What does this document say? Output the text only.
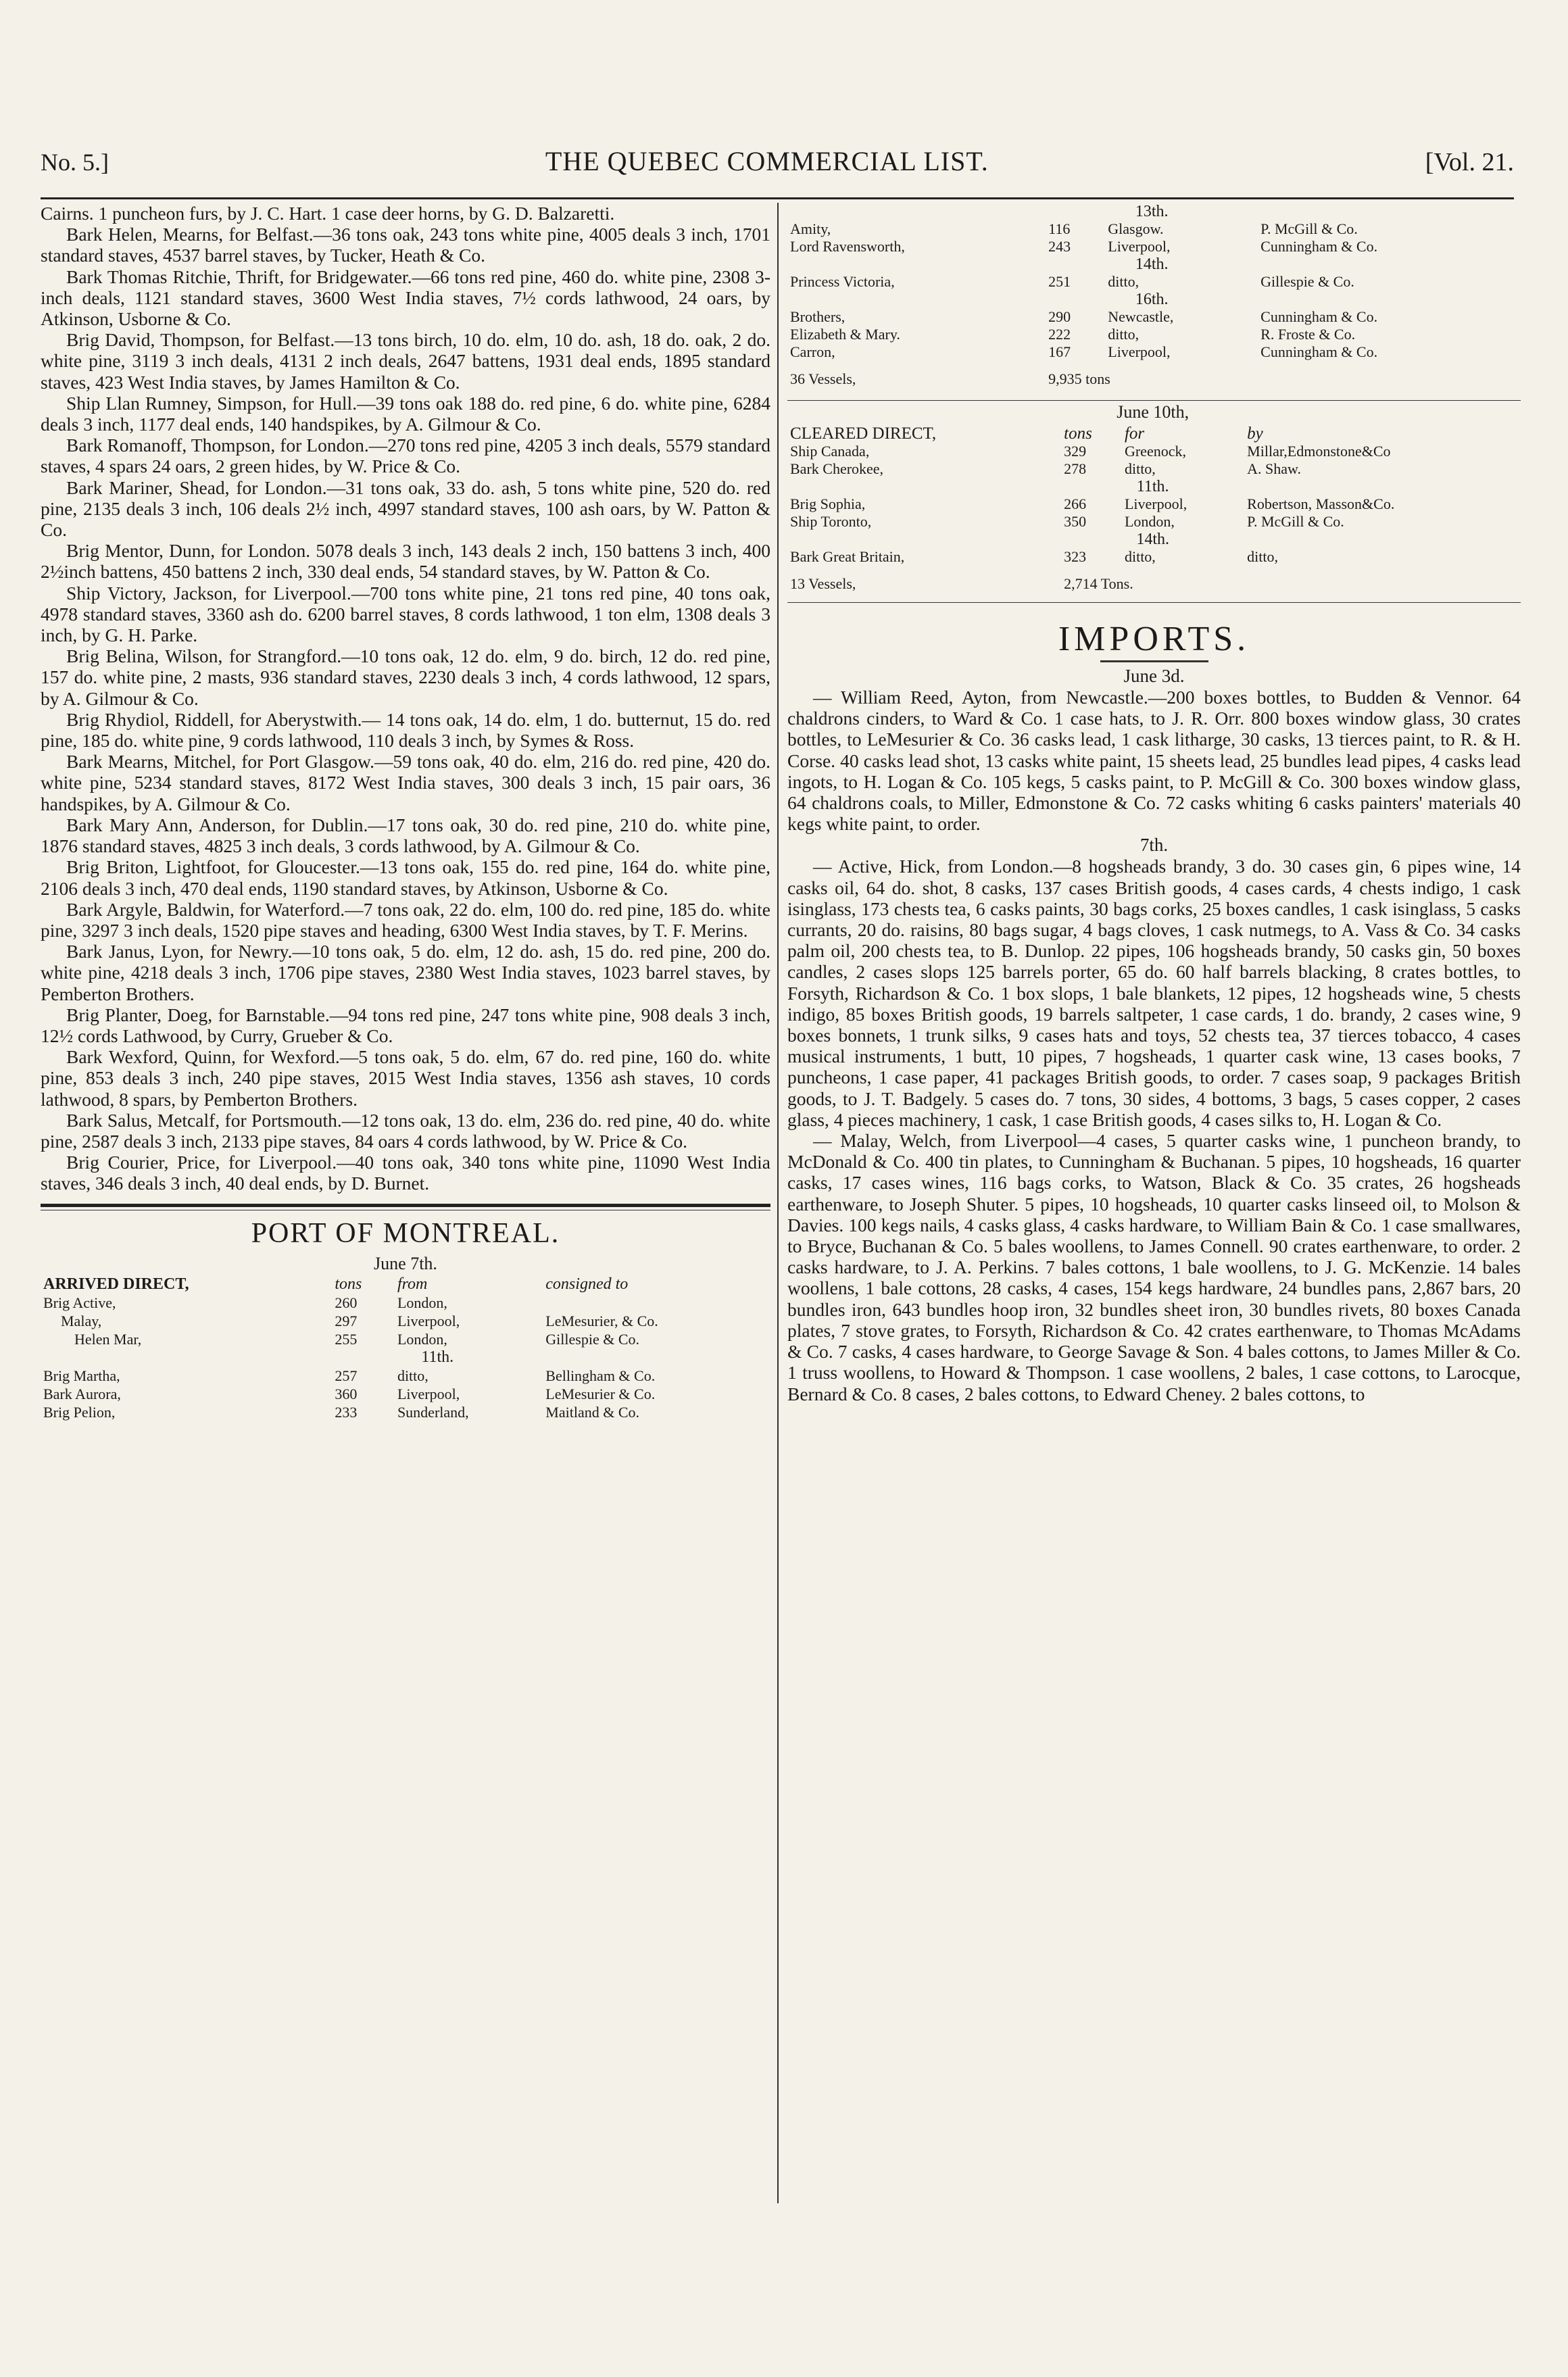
No. 5.]	THE QUEBEC COMMERCIAL LIST.	[Vol. 21.

Cairns. 1 puncheon furs, by J. C. Hart. 1 case deer horns, by G. D. Balzaretti.

Bark Helen, Mearns, for Belfast.—36 tons oak, 243 tons white pine, 4005 deals 3 inch, 1701 standard staves, 4537 barrel staves, by Tucker, Heath & Co.

Bark Thomas Ritchie, Thrift, for Bridgewater.—66 tons red pine, 460 do. white pine, 2308 3-inch deals, 1121 standard staves, 3600 West India staves, 7½ cords lathwood, 24 oars, by Atkinson, Usborne & Co.

Brig David, Thompson, for Belfast.—13 tons birch, 10 do. elm, 10 do. ash, 18 do. oak, 2 do. white pine, 3119 3 inch deals, 4131 2 inch deals, 2647 battens, 1931 deal ends, 1895 standard staves, 423 West India staves, by James Hamilton & Co.

Ship Llan Rumney, Simpson, for Hull.—39 tons oak 188 do. red pine, 6 do. white pine, 6284 deals 3 inch, 1177 deal ends, 140 handspikes, by A. Gilmour & Co.

Bark Romanoff, Thompson, for London.—270 tons red pine, 4205 3 inch deals, 5579 standard staves, 4 spars 24 oars, 2 green hides, by W. Price & Co.

Bark Mariner, Shead, for London.—31 tons oak, 33 do. ash, 5 tons white pine, 520 do. red pine, 2135 deals 3 inch, 106 deals 2½ inch, 4997 standard staves, 100 ash oars, by W. Patton & Co.

Brig Mentor, Dunn, for London. 5078 deals 3 inch, 143 deals 2 inch, 150 battens 3 inch, 400 2½inch battens, 450 battens 2 inch, 330 deal ends, 54 standard staves, by W. Patton & Co.

Ship Victory, Jackson, for Liverpool.—700 tons white pine, 21 tons red pine, 40 tons oak, 4978 standard staves, 3360 ash do. 6200 barrel staves, 8 cords lathwood, 1 ton elm, 1308 deals 3 inch, by G. H. Parke.

Brig Belina, Wilson, for Strangford.—10 tons oak, 12 do. elm, 9 do. birch, 12 do. red pine, 157 do. white pine, 2 masts, 936 standard staves, 2230 deals 3 inch, 4 cords lathwood, 12 spars, by A. Gilmour & Co.

Brig Rhydiol, Riddell, for Aberystwith.— 14 tons oak, 14 do. elm, 1 do. butternut, 15 do. red pine, 185 do. white pine, 9 cords lathwood, 110 deals 3 inch, by Symes & Ross.

Bark Mearns, Mitchel, for Port Glasgow.—59 tons oak, 40 do. elm, 216 do. red pine, 420 do. white pine, 5234 standard staves, 8172 West India staves, 300 deals 3 inch, 15 pair oars, 36 handspikes, by A. Gilmour & Co.

Bark Mary Ann, Anderson, for Dublin.—17 tons oak, 30 do. red pine, 210 do. white pine, 1876 standard staves, 4825 3 inch deals, 3 cords lathwood, by A. Gilmour & Co.

Brig Briton, Lightfoot, for Gloucester.—13 tons oak, 155 do. red pine, 164 do. white pine, 2106 deals 3 inch, 470 deal ends, 1190 standard staves, by Atkinson, Usborne & Co.

Bark Argyle, Baldwin, for Waterford.—7 tons oak, 22 do. elm, 100 do. red pine, 185 do. white pine, 3297 3 inch deals, 1520 pipe staves and heading, 6300 West India staves, by T. F. Merins.

Bark Janus, Lyon, for Newry.—10 tons oak, 5 do. elm, 12 do. ash, 15 do. red pine, 200 do. white pine, 4218 deals 3 inch, 1706 pipe staves, 2380 West India staves, 1023 barrel staves, by Pemberton Brothers.

Brig Planter, Doeg, for Barnstable.—94 tons red pine, 247 tons white pine, 908 deals 3 inch, 12½ cords Lathwood, by Curry, Grueber & Co.

Bark Wexford, Quinn, for Wexford.—5 tons oak, 5 do. elm, 67 do. red pine, 160 do. white pine, 853 deals 3 inch, 240 pipe staves, 2015 West India staves, 1356 ash staves, 10 cords lathwood, 8 spars, by Pemberton Brothers.

Bark Salus, Metcalf, for Portsmouth.—12 tons oak, 13 do. elm, 236 do. red pine, 40 do. white pine, 2587 deals 3 inch, 2133 pipe staves, 84 oars 4 cords lathwood, by W. Price & Co.

Brig Courier, Price, for Liverpool.—40 tons oak, 340 tons white pine, 11090 West India staves, 346 deals 3 inch, 40 deal ends, by D. Burnet.

PORT OF MONTREAL.
June 7th.
ARRIVED DIRECT,	tons	from	consigned to
Brig Active,	260	London,	
Malay,	297	Liverpool,	LeMesurier, & Co.
Helen Mar,	255	London,	Gillespie & Co.
	11th.		
Brig Martha,	257	ditto,	Bellingham & Co.
Bark Aurora,	360	Liverpool,	LeMesurier & Co.
Brig Pelion,	233	Sunderland,	Maitland & Co.
	13th.		
Amity,	116	Glasgow.	P. McGill & Co.
Lord Ravensworth,	243	Liverpool,	Cunningham & Co.
	14th.		
Princess Victoria,	251	ditto,	Gillespie & Co.
	16th.		
Brothers,	290	Newcastle,	Cunningham & Co.
Elizabeth & Mary.	222	ditto,	R. Froste & Co.
Carron,	167	Liverpool,	Cunningham & Co.
36 Vessels,	9,935 tons		
	June 10th,		
CLEARED DIRECT,	tons	for	by
Ship Canada,	329	Greenock,	Millar,Edmonstone&Co
Bark Cherokee,	278	ditto,	A. Shaw.
	11th.		
Brig Sophia,	266	Liverpool,	Robertson, Masson&Co.
Ship Toronto,	350	London,	P. McGill & Co.
	14th.		
Bark Great Britain,	323	ditto,	ditto,
13 Vessels,	2,714 Tons.		
IMPORTS.

June 3d.

— William Reed, Ayton, from Newcastle.—200 boxes bottles, to Budden & Vennor. 64 chaldrons cinders, to Ward & Co. 1 case hats, to J. R. Orr. 800 boxes window glass, 30 crates bottles, to LeMesurier & Co. 36 casks lead, 1 cask litharge, 30 casks, 13 tierces paint, to R. & H. Corse. 40 casks lead shot, 13 casks white paint, 15 sheets lead, 25 bundles lead pipes, 4 casks lead ingots, to H. Logan & Co. 105 kegs, 5 casks paint, to P. McGill & Co. 300 boxes window glass, 64 chaldrons coals, to Miller, Edmonstone & Co. 72 casks whiting 6 casks painters' materials 40 kegs white paint, to order.

7th.

— Active, Hick, from London.—8 hogsheads brandy, 3 do. 30 cases gin, 6 pipes wine, 14 casks oil, 64 do. shot, 8 casks, 137 cases British goods, 4 cases cards, 4 chests indigo, 1 cask isinglass, 173 chests tea, 6 casks paints, 30 bags corks, 25 boxes candles, 1 cask isinglass, 5 casks currants, 20 do. raisins, 80 bags sugar, 4 bags cloves, 1 cask nutmegs, to A. Vass & Co. 34 casks palm oil, 200 chests tea, to B. Dunlop. 22 pipes, 106 hogsheads brandy, 50 casks gin, 50 boxes candles, 2 cases slops 125 barrels porter, 65 do. 60 half barrels blacking, 8 crates bottles, to Forsyth, Richardson & Co. 1 box slops, 1 bale blankets, 12 pipes, 12 hogsheads wine, 5 chests indigo, 85 boxes British goods, 19 barrels saltpeter, 1 case cards, 1 do. brandy, 2 cases wine, 9 boxes bonnets, 1 trunk silks, 9 cases hats and toys, 52 chests tea, 37 tierces tobacco, 4 cases musical instruments, 1 butt, 10 pipes, 7 hogsheads, 1 quarter cask wine, 13 cases books, 7 puncheons, 1 case paper, 41 packages British goods, to order. 7 cases soap, 9 packages British goods, to J. T. Badgely. 5 cases do. 7 tons, 30 sides, 4 bottoms, 3 bags, 5 cases copper, 2 cases glass, 4 pieces machinery, 1 cask, 1 case British goods, 4 cases silks to, H. Logan & Co.

— Malay, Welch, from Liverpool—4 cases, 5 quarter casks wine, 1 puncheon brandy, to McDonald & Co. 400 tin plates, to Cunningham & Buchanan. 5 pipes, 10 hogsheads, 16 quarter casks, 17 cases wines, 116 bags corks, to Watson, Black & Co. 35 crates, 26 hogsheads earthenware, to Joseph Shuter. 5 pipes, 10 hogsheads, 10 quarter casks linseed oil, to Molson & Davies. 100 kegs nails, 4 casks glass, 4 casks hardware, to William Bain & Co. 1 case smallwares, to Bryce, Buchanan & Co. 5 bales woollens, to James Connell. 90 crates earthenware, to order. 2 casks hardware, to J. A. Perkins. 7 bales cottons, 1 bale woollens, to J. G. McKenzie. 14 bales woollens, 1 bale cottons, 28 casks, 4 cases, 154 kegs hardware, 24 bundles pans, 2,867 bars, 20 bundles iron, 643 bundles hoop iron, 32 bundles sheet iron, 30 bundles rivets, 80 boxes Canada plates, 7 stove grates, to Forsyth, Richardson & Co. 42 crates earthenware, to Thomas McAdams & Co. 7 casks, 4 cases hardware, to George Savage & Son. 4 bales cottons, to James Miller & Co. 1 truss woollens, to Howard & Thompson. 1 case woollens, 2 bales, 1 case cottons, to Larocque, Bernard & Co. 8 cases, 2 bales cottons, to Edward Cheney. 2 bales cottons, to
